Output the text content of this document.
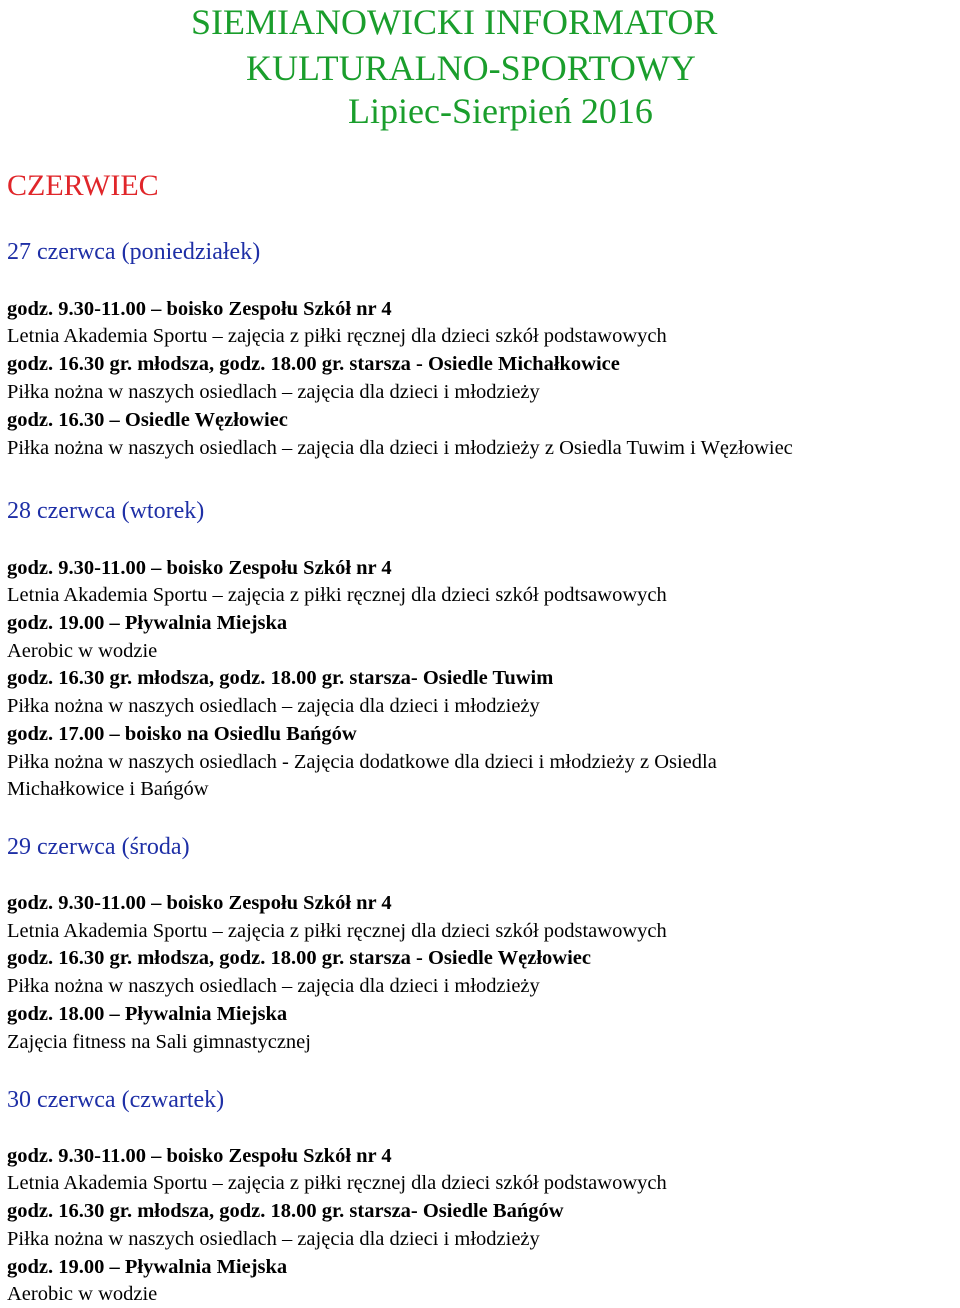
SIEMIANOWICKI INFORMATOR
KULTURALNO-SPORTOWY
Lipiec-Sierpień 2016
CZERWIEC
27 czerwca (poniedziałek)
godz. 9.30-11.00 – boisko Zespołu Szkół nr 4
Letnia Akademia Sportu – zajęcia z piłki ręcznej dla dzieci szkół podstawowych
godz. 16.30 gr. młodsza, godz. 18.00 gr. starsza - Osiedle Michałkowice
Piłka nożna w naszych osiedlach – zajęcia dla dzieci i młodzieży
godz. 16.30 – Osiedle Węzłowiec
Piłka nożna w naszych osiedlach – zajęcia dla dzieci i młodzieży z Osiedla Tuwim i Węzłowiec
28 czerwca (wtorek)
godz. 9.30-11.00 – boisko Zespołu Szkół nr 4
Letnia Akademia Sportu – zajęcia z piłki ręcznej dla dzieci szkół podtsawowych
godz. 19.00 – Pływalnia Miejska
Aerobic w wodzie
godz. 16.30 gr. młodsza, godz. 18.00 gr. starsza- Osiedle Tuwim
Piłka nożna w naszych osiedlach – zajęcia dla dzieci i młodzieży
godz. 17.00 – boisko na Osiedlu Bańgów
Piłka nożna w naszych osiedlach - Zajęcia dodatkowe dla dzieci i młodzieży z Osiedla
Michałkowice i Bańgów
29 czerwca (środa)
godz. 9.30-11.00 – boisko Zespołu Szkół nr 4
Letnia Akademia Sportu – zajęcia z piłki ręcznej dla dzieci szkół podstawowych
godz. 16.30 gr. młodsza, godz. 18.00 gr. starsza - Osiedle Węzłowiec
Piłka nożna w naszych osiedlach – zajęcia dla dzieci i młodzieży
godz. 18.00 – Pływalnia Miejska
Zajęcia fitness na Sali gimnastycznej
30 czerwca (czwartek)
godz. 9.30-11.00 – boisko Zespołu Szkół nr 4
Letnia Akademia Sportu – zajęcia z piłki ręcznej dla dzieci szkół podstawowych
godz. 16.30 gr. młodsza, godz. 18.00 gr. starsza- Osiedle Bańgów
Piłka nożna w naszych osiedlach – zajęcia dla dzieci i młodzieży
godz. 19.00 – Pływalnia Miejska
Aerobic w wodzie
